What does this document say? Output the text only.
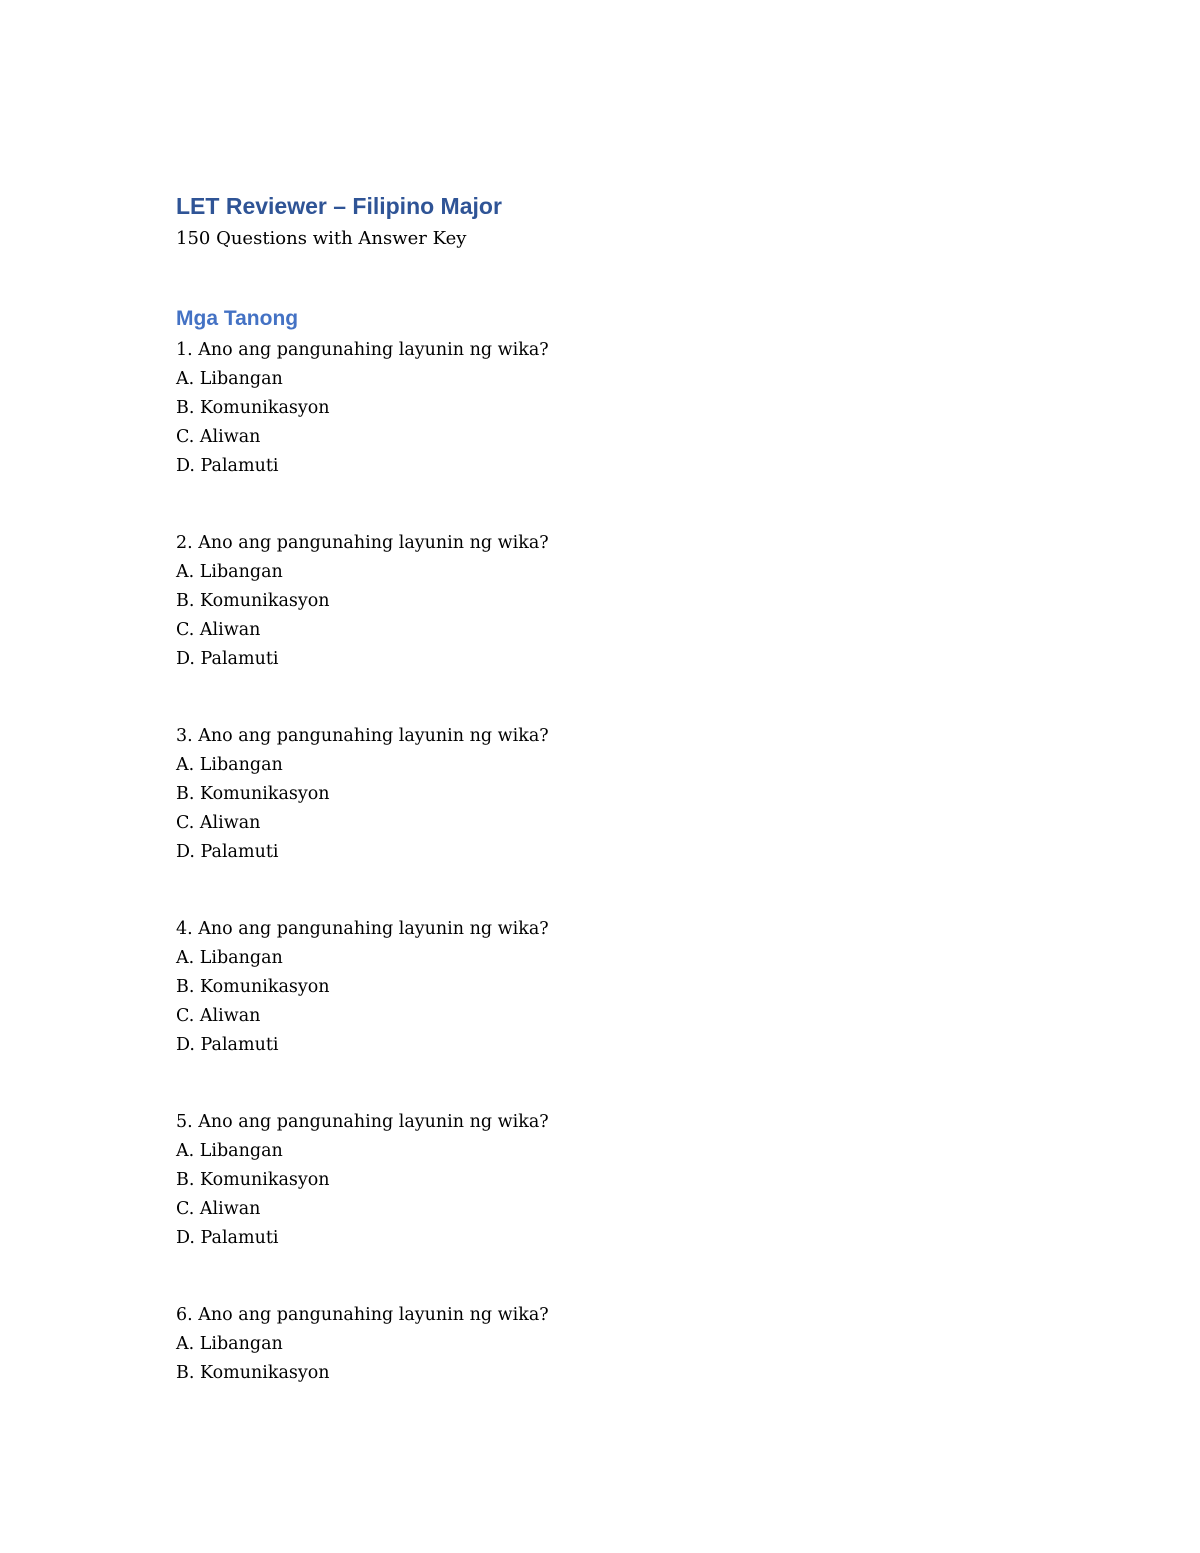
LET Reviewer – Filipino Major

150 Questions with Answer Key

Mga Tanong

1. Ano ang pangunahing layunin ng wika?

A. Libangan

B. Komunikasyon

C. Aliwan

D. Palamuti

2. Ano ang pangunahing layunin ng wika?

A. Libangan

B. Komunikasyon

C. Aliwan

D. Palamuti

3. Ano ang pangunahing layunin ng wika?

A. Libangan

B. Komunikasyon

C. Aliwan

D. Palamuti

4. Ano ang pangunahing layunin ng wika?

A. Libangan

B. Komunikasyon

C. Aliwan

D. Palamuti

5. Ano ang pangunahing layunin ng wika?

A. Libangan

B. Komunikasyon

C. Aliwan

D. Palamuti

6. Ano ang pangunahing layunin ng wika?

A. Libangan

B. Komunikasyon
